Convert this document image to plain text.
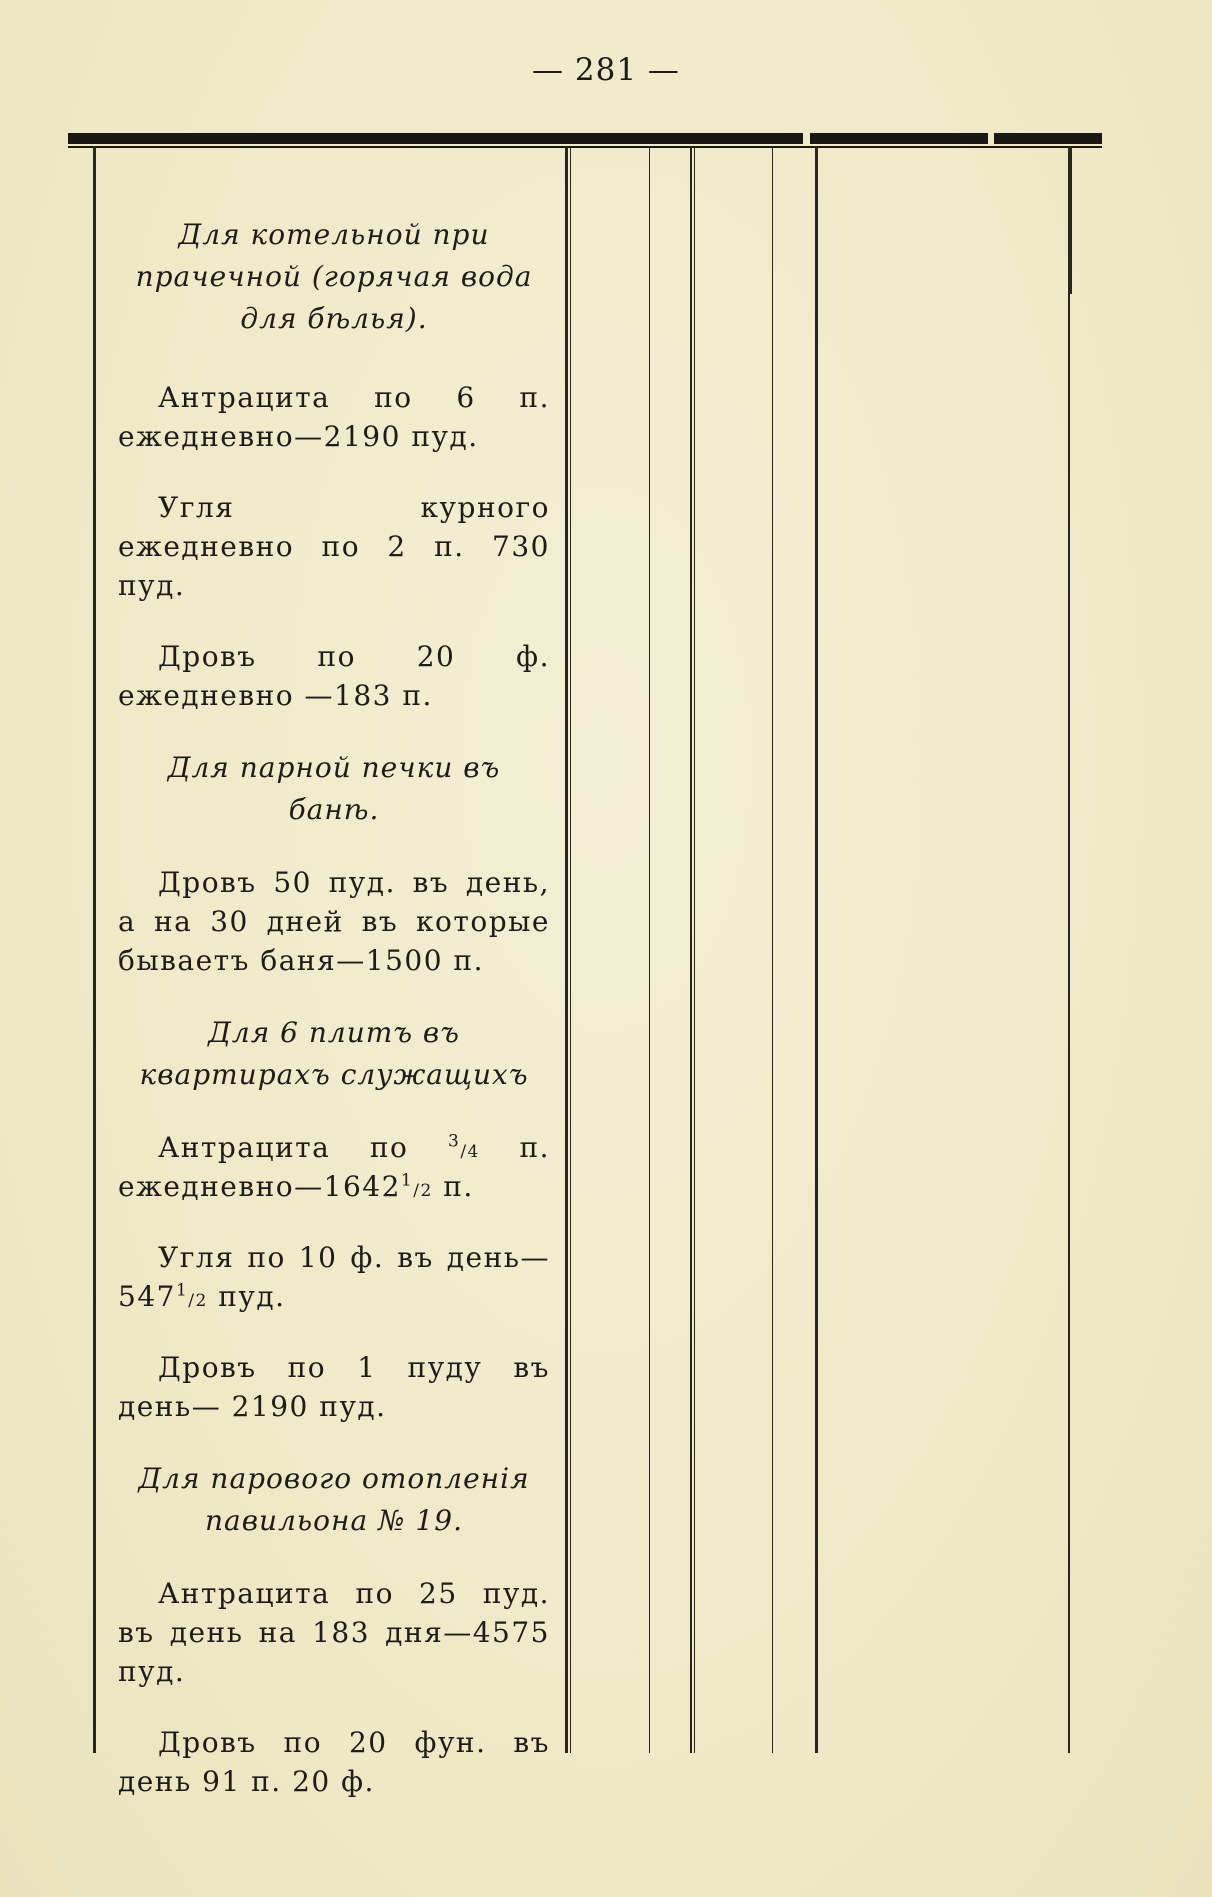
— 281 —

Для котельной при прачечной (горячая вода для бѣлья).

Антрацита по 6 п. ежедневно—2190 пуд.

Угля курного ежедневно по 2 п. 730 пуд.

Дровъ по 20 ф. ежедневно —183 п.

Для парной печки въ банѣ.

Дровъ 50 пуд. въ день, а на 30 дней въ которые бываетъ баня—1500 п.

Для 6 плитъ въ квартирахъ служащихъ

Антрацита по $^3$/4 п. ежедневно—1642$^1$/2 п.

Угля по 10 ф. въ день— $547^1/2$ пуд.

Дровъ по 1 пуду въ день— 2190 пуд.

Для парового отопленія павильона № 19.

Антрацита по 25 пуд. въ день на 183 дня—4575 пуд.

Дровъ по 20 фун. въ день 91 п. 20 ф.
